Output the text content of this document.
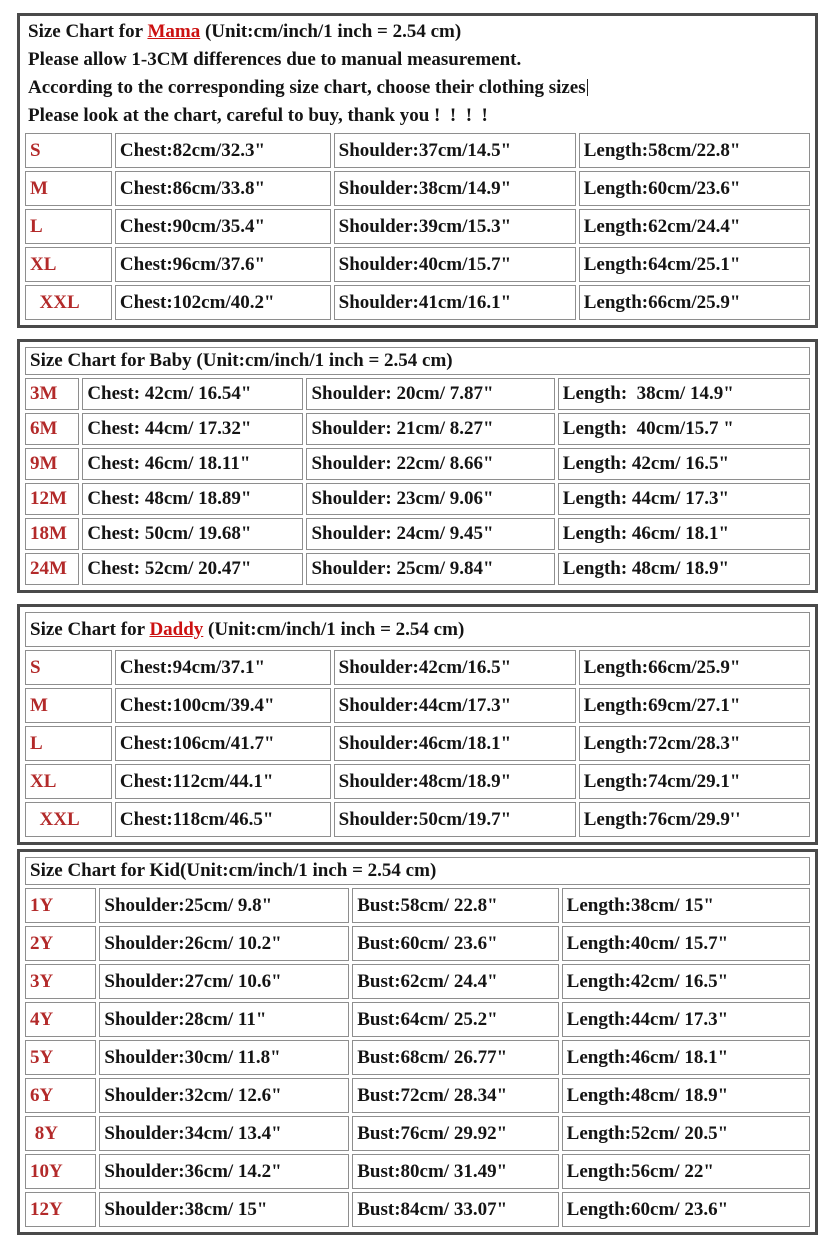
Size Chart for Mama (Unit:cm/inch/1 inch = 2.54 cm)
Please allow 1-3CM differences due to manual measurement.
According to the corresponding size chart, choose their clothing sizes
Please look at the chart, careful to buy, thank you !  !  !  !
S	Chest:82cm/32.3"	Shoulder:37cm/14.5"	Length:58cm/22.8"
M	Chest:86cm/33.8"	Shoulder:38cm/14.9"	Length:60cm/23.6"
L	Chest:90cm/35.4"	Shoulder:39cm/15.3"	Length:62cm/24.4"
XL	Chest:96cm/37.6"	Shoulder:40cm/15.7"	Length:64cm/25.1"
XXL	Chest:102cm/40.2"	Shoulder:41cm/16.1"	Length:66cm/25.9"
Size Chart for Baby (Unit:cm/inch/1 inch = 2.54 cm)			
3M	Chest: 42cm/ 16.54"	Shoulder: 20cm/ 7.87"	Length:  38cm/ 14.9"
6M	Chest: 44cm/ 17.32"	Shoulder: 21cm/ 8.27"	Length:  40cm/15.7 "
9M	Chest: 46cm/ 18.11"	Shoulder: 22cm/ 8.66"	Length: 42cm/ 16.5"
12M	Chest: 48cm/ 18.89"	Shoulder: 23cm/ 9.06"	Length: 44cm/ 17.3"
18M	Chest: 50cm/ 19.68"	Shoulder: 24cm/ 9.45"	Length: 46cm/ 18.1"
24M	Chest: 52cm/ 20.47"	Shoulder: 25cm/ 9.84"	Length: 48cm/ 18.9"
Size Chart for Daddy (Unit:cm/inch/1 inch = 2.54 cm)			
S	Chest:94cm/37.1"	Shoulder:42cm/16.5"	Length:66cm/25.9"
M	Chest:100cm/39.4"	Shoulder:44cm/17.3"	Length:69cm/27.1"
L	Chest:106cm/41.7"	Shoulder:46cm/18.1"	Length:72cm/28.3"
XL	Chest:112cm/44.1"	Shoulder:48cm/18.9"	Length:74cm/29.1"
XXL	Chest:118cm/46.5"	Shoulder:50cm/19.7"	Length:76cm/29.9''
Size Chart for Kid(Unit:cm/inch/1 inch = 2.54 cm)			
1Y	Shoulder:25cm/ 9.8"	Bust:58cm/ 22.8"	Length:38cm/ 15"
2Y	Shoulder:26cm/ 10.2"	Bust:60cm/ 23.6"	Length:40cm/ 15.7"
3Y	Shoulder:27cm/ 10.6"	Bust:62cm/ 24.4"	Length:42cm/ 16.5"
4Y	Shoulder:28cm/ 11"	Bust:64cm/ 25.2"	Length:44cm/ 17.3"
5Y	Shoulder:30cm/ 11.8"	Bust:68cm/ 26.77"	Length:46cm/ 18.1"
6Y	Shoulder:32cm/ 12.6"	Bust:72cm/ 28.34"	Length:48cm/ 18.9"
8Y	Shoulder:34cm/ 13.4"	Bust:76cm/ 29.92"	Length:52cm/ 20.5"
10Y	Shoulder:36cm/ 14.2"	Bust:80cm/ 31.49"	Length:56cm/ 22"
12Y	Shoulder:38cm/ 15"	Bust:84cm/ 33.07"	Length:60cm/ 23.6"
